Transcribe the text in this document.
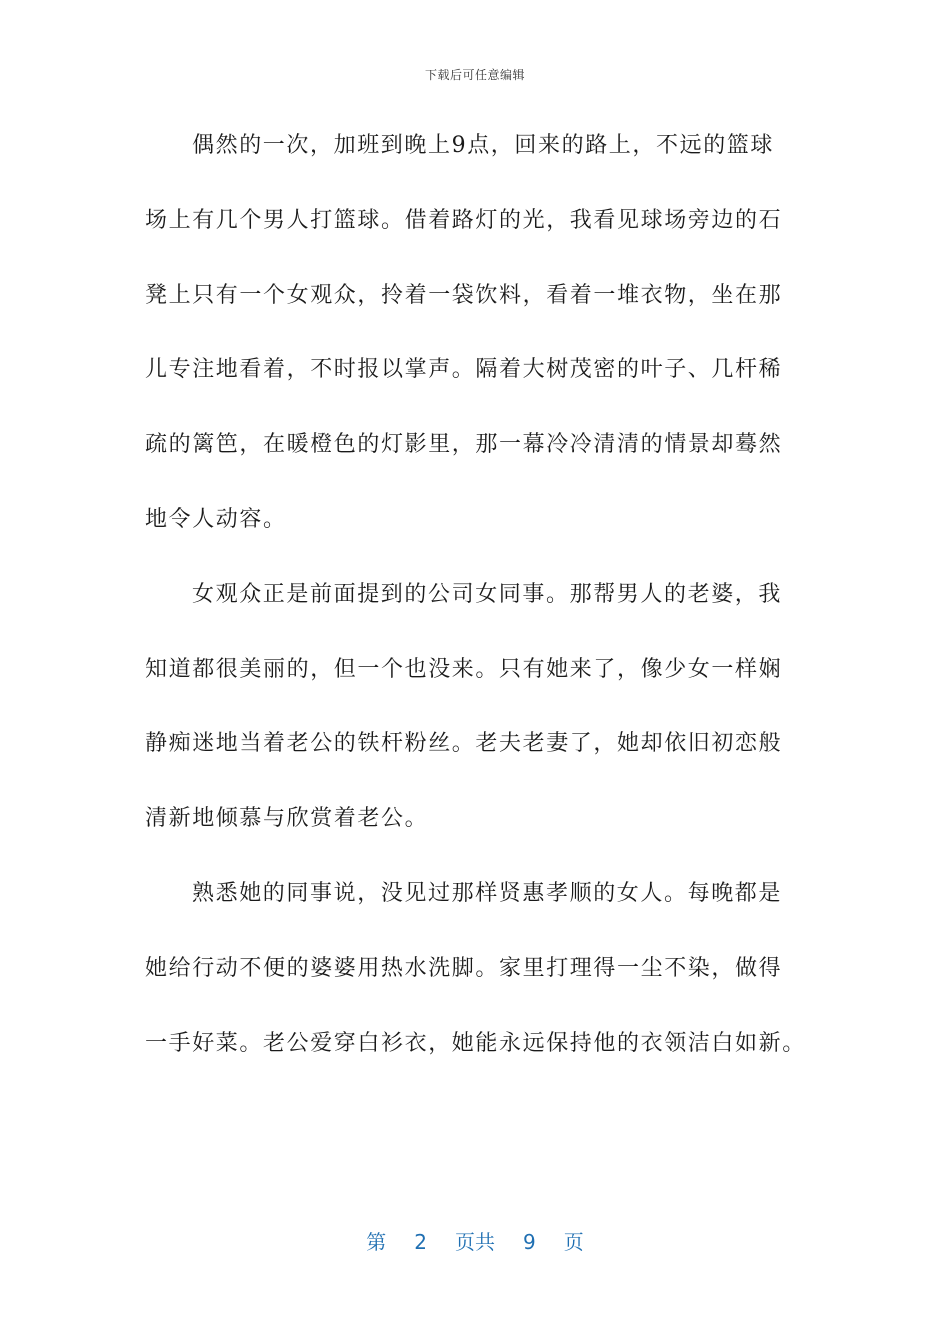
下载后可任意编辑
偶然的一次，加班到晚上9点，回来的路上，不远的篮球
场上有几个男人打篮球。借着路灯的光，我看见球场旁边的石
凳上只有一个女观众，拎着一袋饮料，看着一堆衣物，坐在那
儿专注地看着，不时报以掌声。隔着大树茂密的叶子、几杆稀
疏的篱笆，在暖橙色的灯影里，那一幕冷冷清清的情景却蓦然
地令人动容。
女观众正是前面提到的公司女同事。那帮男人的老婆，我
知道都很美丽的，但一个也没来。只有她来了，像少女一样娴
静痴迷地当着老公的铁杆粉丝。老夫老妻了，她却依旧初恋般
清新地倾慕与欣赏着老公。
熟悉她的同事说，没见过那样贤惠孝顺的女人。每晚都是
她给行动不便的婆婆用热水洗脚。家里打理得一尘不染，做得
一手好菜。老公爱穿白衫衣，她能永远保持他的衣领洁白如新。
第 2 页共 9 页
